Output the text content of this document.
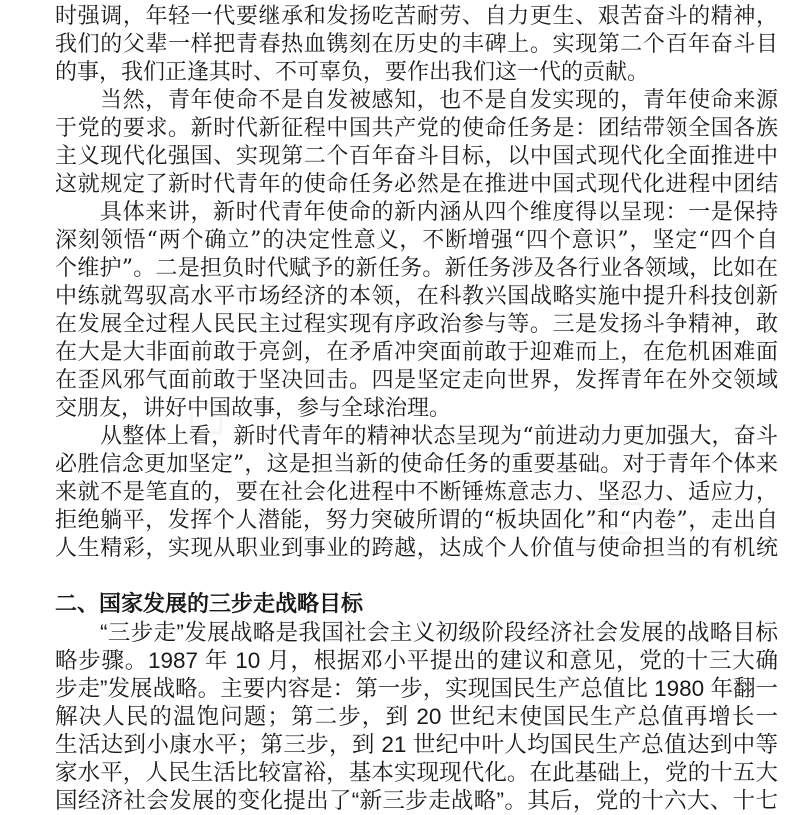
时强调，年轻一代要继承和发扬吃苦耐劳、自力更生、艰苦奋斗的精神，
我们的父辈一样把青春热血镌刻在历史的丰碑上。实现第二个百年奋斗目
的事，我们正逢其时、不可辜负，要作出我们这一代的贡献。
当然，青年使命不是自发被感知，也不是自发实现的，青年使命来源
于党的要求。新时代新征程中国共产党的使命任务是：团结带领全国各族
主义现代化强国、实现第二个百年奋斗目标，以中国式现代化全面推进中
这就规定了新时代青年的使命任务必然是在推进中国式现代化进程中团结
具体来讲，新时代青年使命的新内涵从四个维度得以呈现：一是保持
深刻领悟“两个确立”的决定性意义，不断增强“四个意识”，坚定“四个自
个维护”。二是担负时代赋予的新任务。新任务涉及各行业各领域，比如在
中练就驾驭高水平市场经济的本领，在科教兴国战略实施中提升科技创新
在发展全过程人民民主过程实现有序政治参与等。三是发扬斗争精神，敢
在大是大非面前敢于亮剑，在矛盾冲突面前敢于迎难而上，在危机困难面
在歪风邪气面前敢于坚决回击。四是坚定走向世界，发挥青年在外交领域
交朋友，讲好中国故事，参与全球治理。
从整体上看，新时代青年的精神状态呈现为“前进动力更加强大，奋斗
必胜信念更加坚定”，这是担当新的使命任务的重要基础。对于青年个体来
来就不是笔直的，要在社会化进程中不断锤炼意志力、坚忍力、适应力，
拒绝躺平，发挥个人潜能，努力突破所谓的“板块固化”和“内卷”，走出自
人生精彩，实现从职业到事业的跨越，达成个人价值与使命担当的有机统
二、国家发展的三步走战略目标
“三步走”发展战略是我国社会主义初级阶段经济社会发展的战略目标
略步骤。1987 年 10 月，根据邓小平提出的建议和意见，党的十三大确
步走”发展战略。主要内容是：第一步，实现国民生产总值比 1980 年翻一
解决人民的温饱问题；第二步，到 20 世纪末使国民生产总值再增长一
生活达到小康水平；第三步，到 21 世纪中叶人均国民生产总值达到中等
家水平，人民生活比较富裕，基本实现现代化。在此基础上，党的十五大
国经济社会发展的变化提出了“新三步走战略”。其后，党的十六大、十七
